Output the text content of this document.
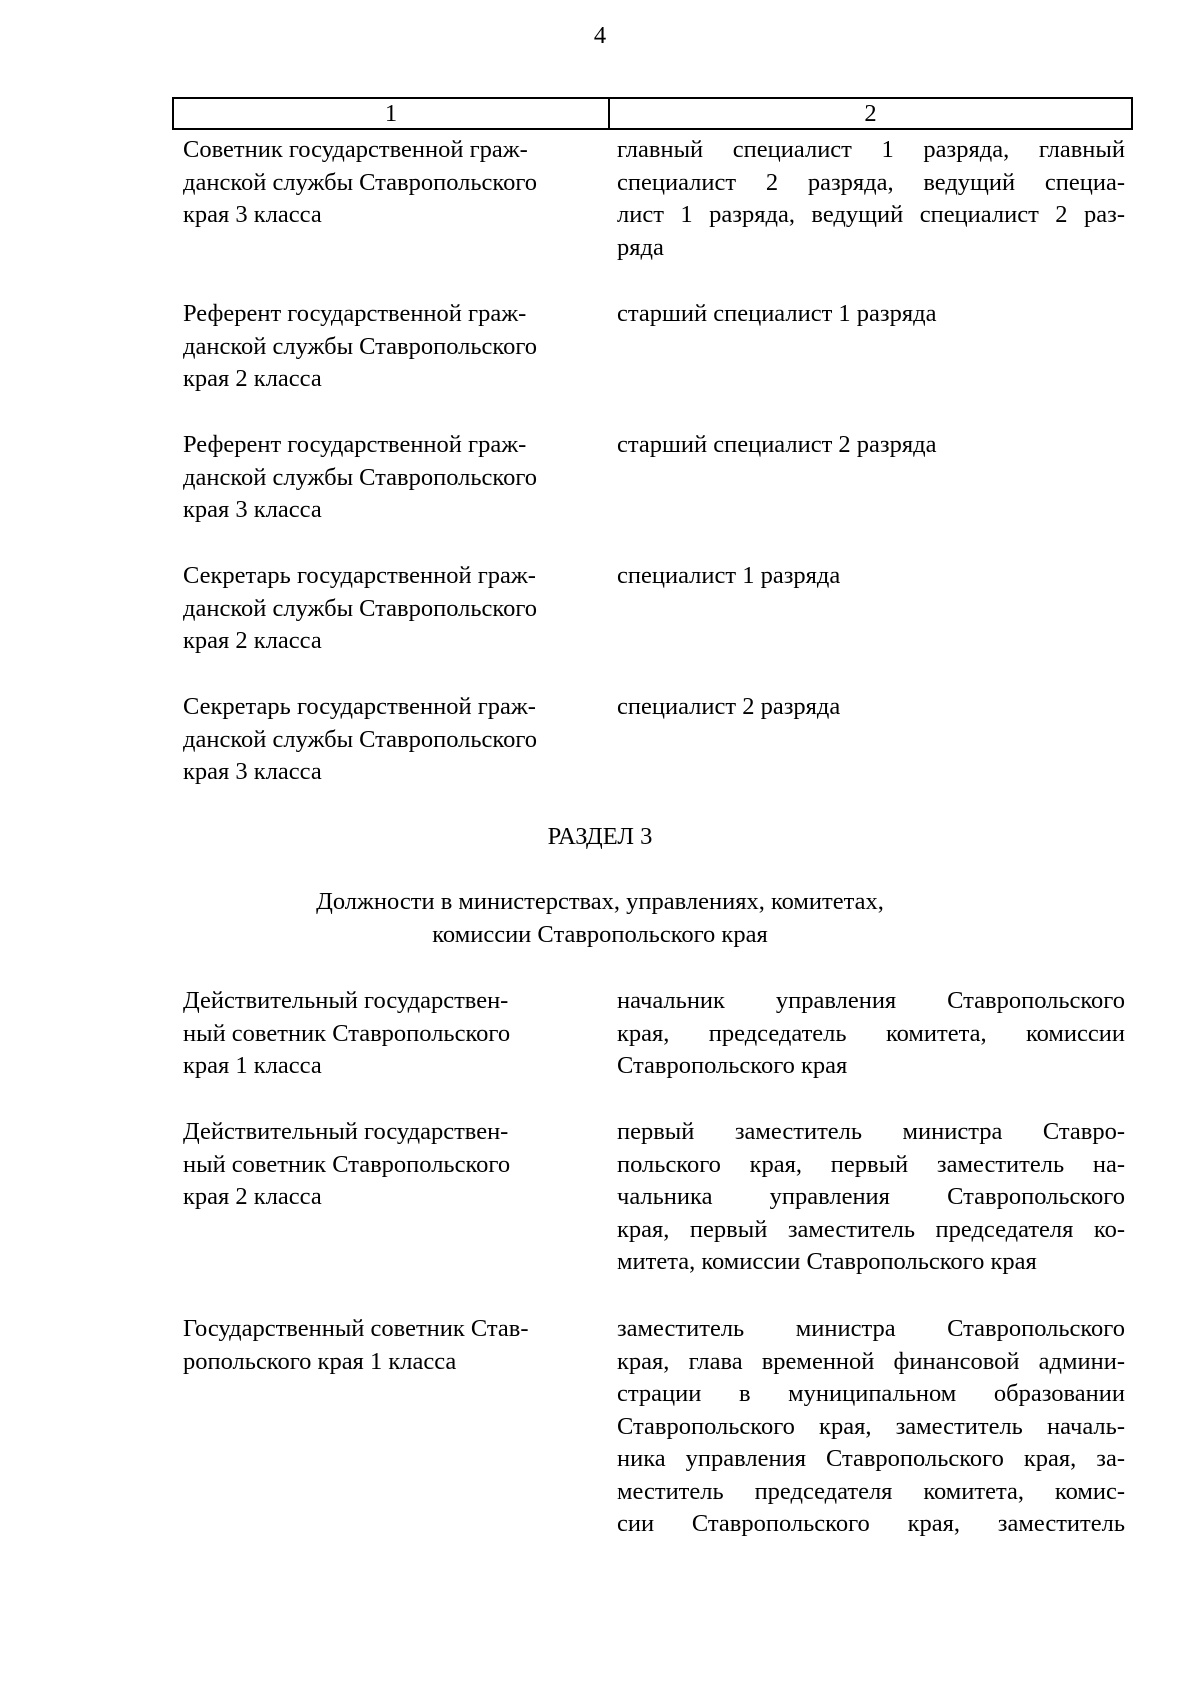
4
1	2
Советник государственной граж-
данской службы Ставропольского
края 3 класса
главный специалист 1 разряда, главный
специалист 2 разряда, ведущий специа-
лист 1 разряда, ведущий специалист 2 раз-
ряда
Референт государственной граж-
данской службы Ставропольского
края 2 класса
старший специалист 1 разряда
Референт государственной граж-
данской службы Ставропольского
края 3 класса
старший специалист 2 разряда
Секретарь государственной граж-
данской службы Ставропольского
края 2 класса
специалист 1 разряда
Секретарь государственной граж-
данской службы Ставропольского
края 3 класса
специалист 2 разряда
РАЗДЕЛ 3
Должности в министерствах, управлениях, комитетах,
комиссии Ставропольского края
Действительный государствен-
ный советник Ставропольского
края 1 класса
начальник управления Ставропольского
края, председатель комитета, комиссии
Ставропольского края
Действительный государствен-
ный советник Ставропольского
края 2 класса
первый заместитель министра Ставро-
польского края, первый заместитель на-
чальника управления Ставропольского
края, первый заместитель председателя ко-
митета, комиссии Ставропольского края
Государственный советник Став-
ропольского края 1 класса
заместитель министра Ставропольского
края, глава временной финансовой админи-
страции в муниципальном образовании
Ставропольского края, заместитель началь-
ника управления Ставропольского края, за-
меститель председателя комитета, комис-
сии Ставропольского края, заместитель
